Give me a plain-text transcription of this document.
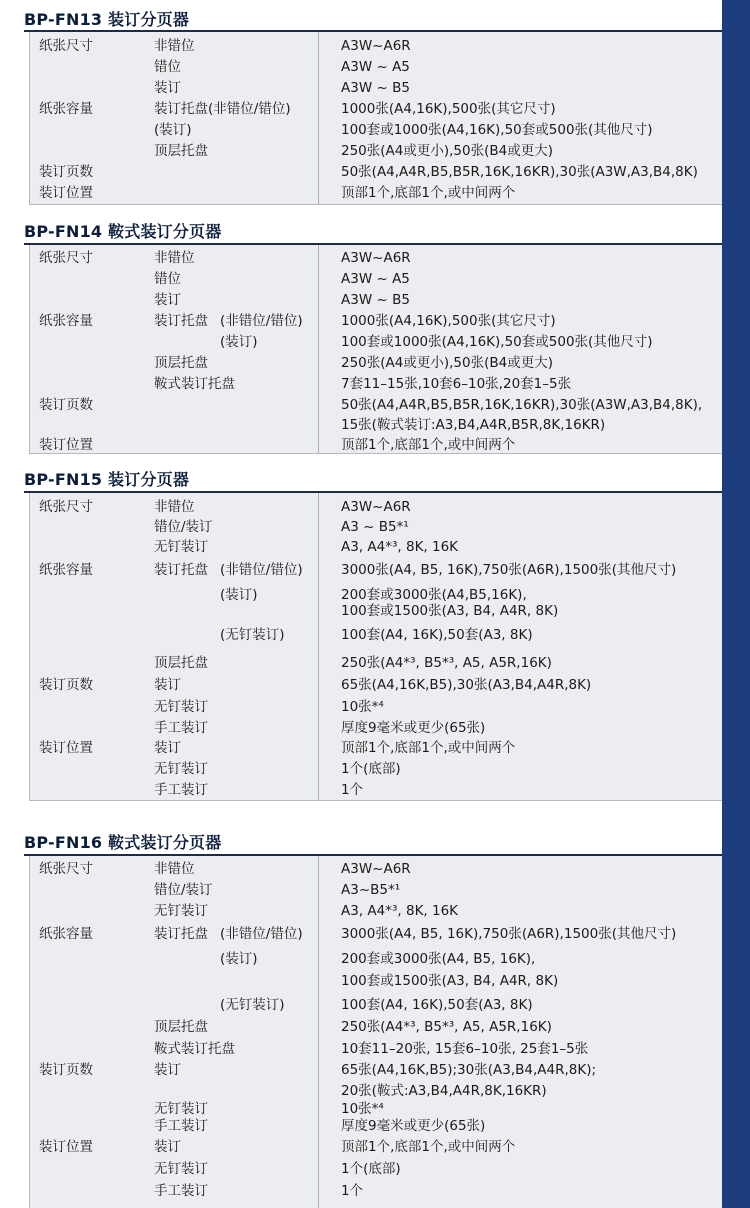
BP-FN13 装订分页器
纸张尺寸	非错位	A3W~A6R
错位	A3W ~ A5
装订	A3W ~ B5
纸张容量	装订托盘(非错位/错位)	1000张(A4,16K),500张(其它尺寸)
(装订)	100套或1000张(A4,16K),50套或500张(其他尺寸)
顶层托盘	250张(A4或更小),50张(B4或更大)
装订页数	50张(A4,A4R,B5,B5R,16K,16KR),30张(A3W,A3,B4,8K)
装订位置	顶部1个,底部1个,或中间两个
BP-FN14 鞍式装订分页器
纸张尺寸	非错位	A3W~A6R
错位	A3W ~ A5
装订	A3W ~ B5
纸张容量	装订托盘 (非错位/错位)	1000张(A4,16K),500张(其它尺寸)
(装订)	100套或1000张(A4,16K),50套或500张(其他尺寸)
顶层托盘	250张(A4或更小),50张(B4或更大)
鞍式装订托盘	7套11–15张,10套6–10张,20套1–5张
装订页数	50张(A4,A4R,B5,B5R,16K,16KR),30张(A3W,A3,B4,8K),
15张(鞍式装订:A3,B4,A4R,B5R,8K,16KR)
装订位置	顶部1个,底部1个,或中间两个
BP-FN15 装订分页器
纸张尺寸	非错位	A3W~A6R
错位/装订	A3 ~ B5*¹
无钉装订	A3, A4*³, 8K, 16K
纸张容量	装订托盘 (非错位/错位)	3000张(A4, B5, 16K),750张(A6R),1500张(其他尺寸)
(装订)	200套或3000张(A4,B5,16K),
100套或1500张(A3, B4, A4R, 8K)
(无钉装订)	100套(A4, 16K),50套(A3, 8K)
顶层托盘	250张(A4*³, B5*³, A5, A5R,16K)
装订页数	装订	65张(A4,16K,B5),30张(A3,B4,A4R,8K)
无钉装订	10张*⁴
手工装订	厚度9毫米或更少(65张)
装订位置	装订	顶部1个,底部1个,或中间两个
无钉装订	1个(底部)
手工装订	1个
BP-FN16 鞍式装订分页器
纸张尺寸	非错位	A3W~A6R
错位/装订	A3~B5*¹
无钉装订	A3, A4*³, 8K, 16K
纸张容量	装订托盘 (非错位/错位)	3000张(A4, B5, 16K),750张(A6R),1500张(其他尺寸)
(装订)	200套或3000张(A4, B5, 16K),
100套或1500张(A3, B4, A4R, 8K)
(无钉装订)	100套(A4, 16K),50套(A3, 8K)
顶层托盘	250张(A4*³, B5*³, A5, A5R,16K)
鞍式装订托盘	10套11–20张, 15套6–10张, 25套1–5张
装订页数	装订	65张(A4,16K,B5);30张(A3,B4,A4R,8K);
20张(鞍式:A3,B4,A4R,8K,16KR)
无钉装订	10张*⁴
手工装订	厚度9毫米或更少(65张)
装订位置	装订	顶部1个,底部1个,或中间两个
无钉装订	1个(底部)
手工装订	1个
